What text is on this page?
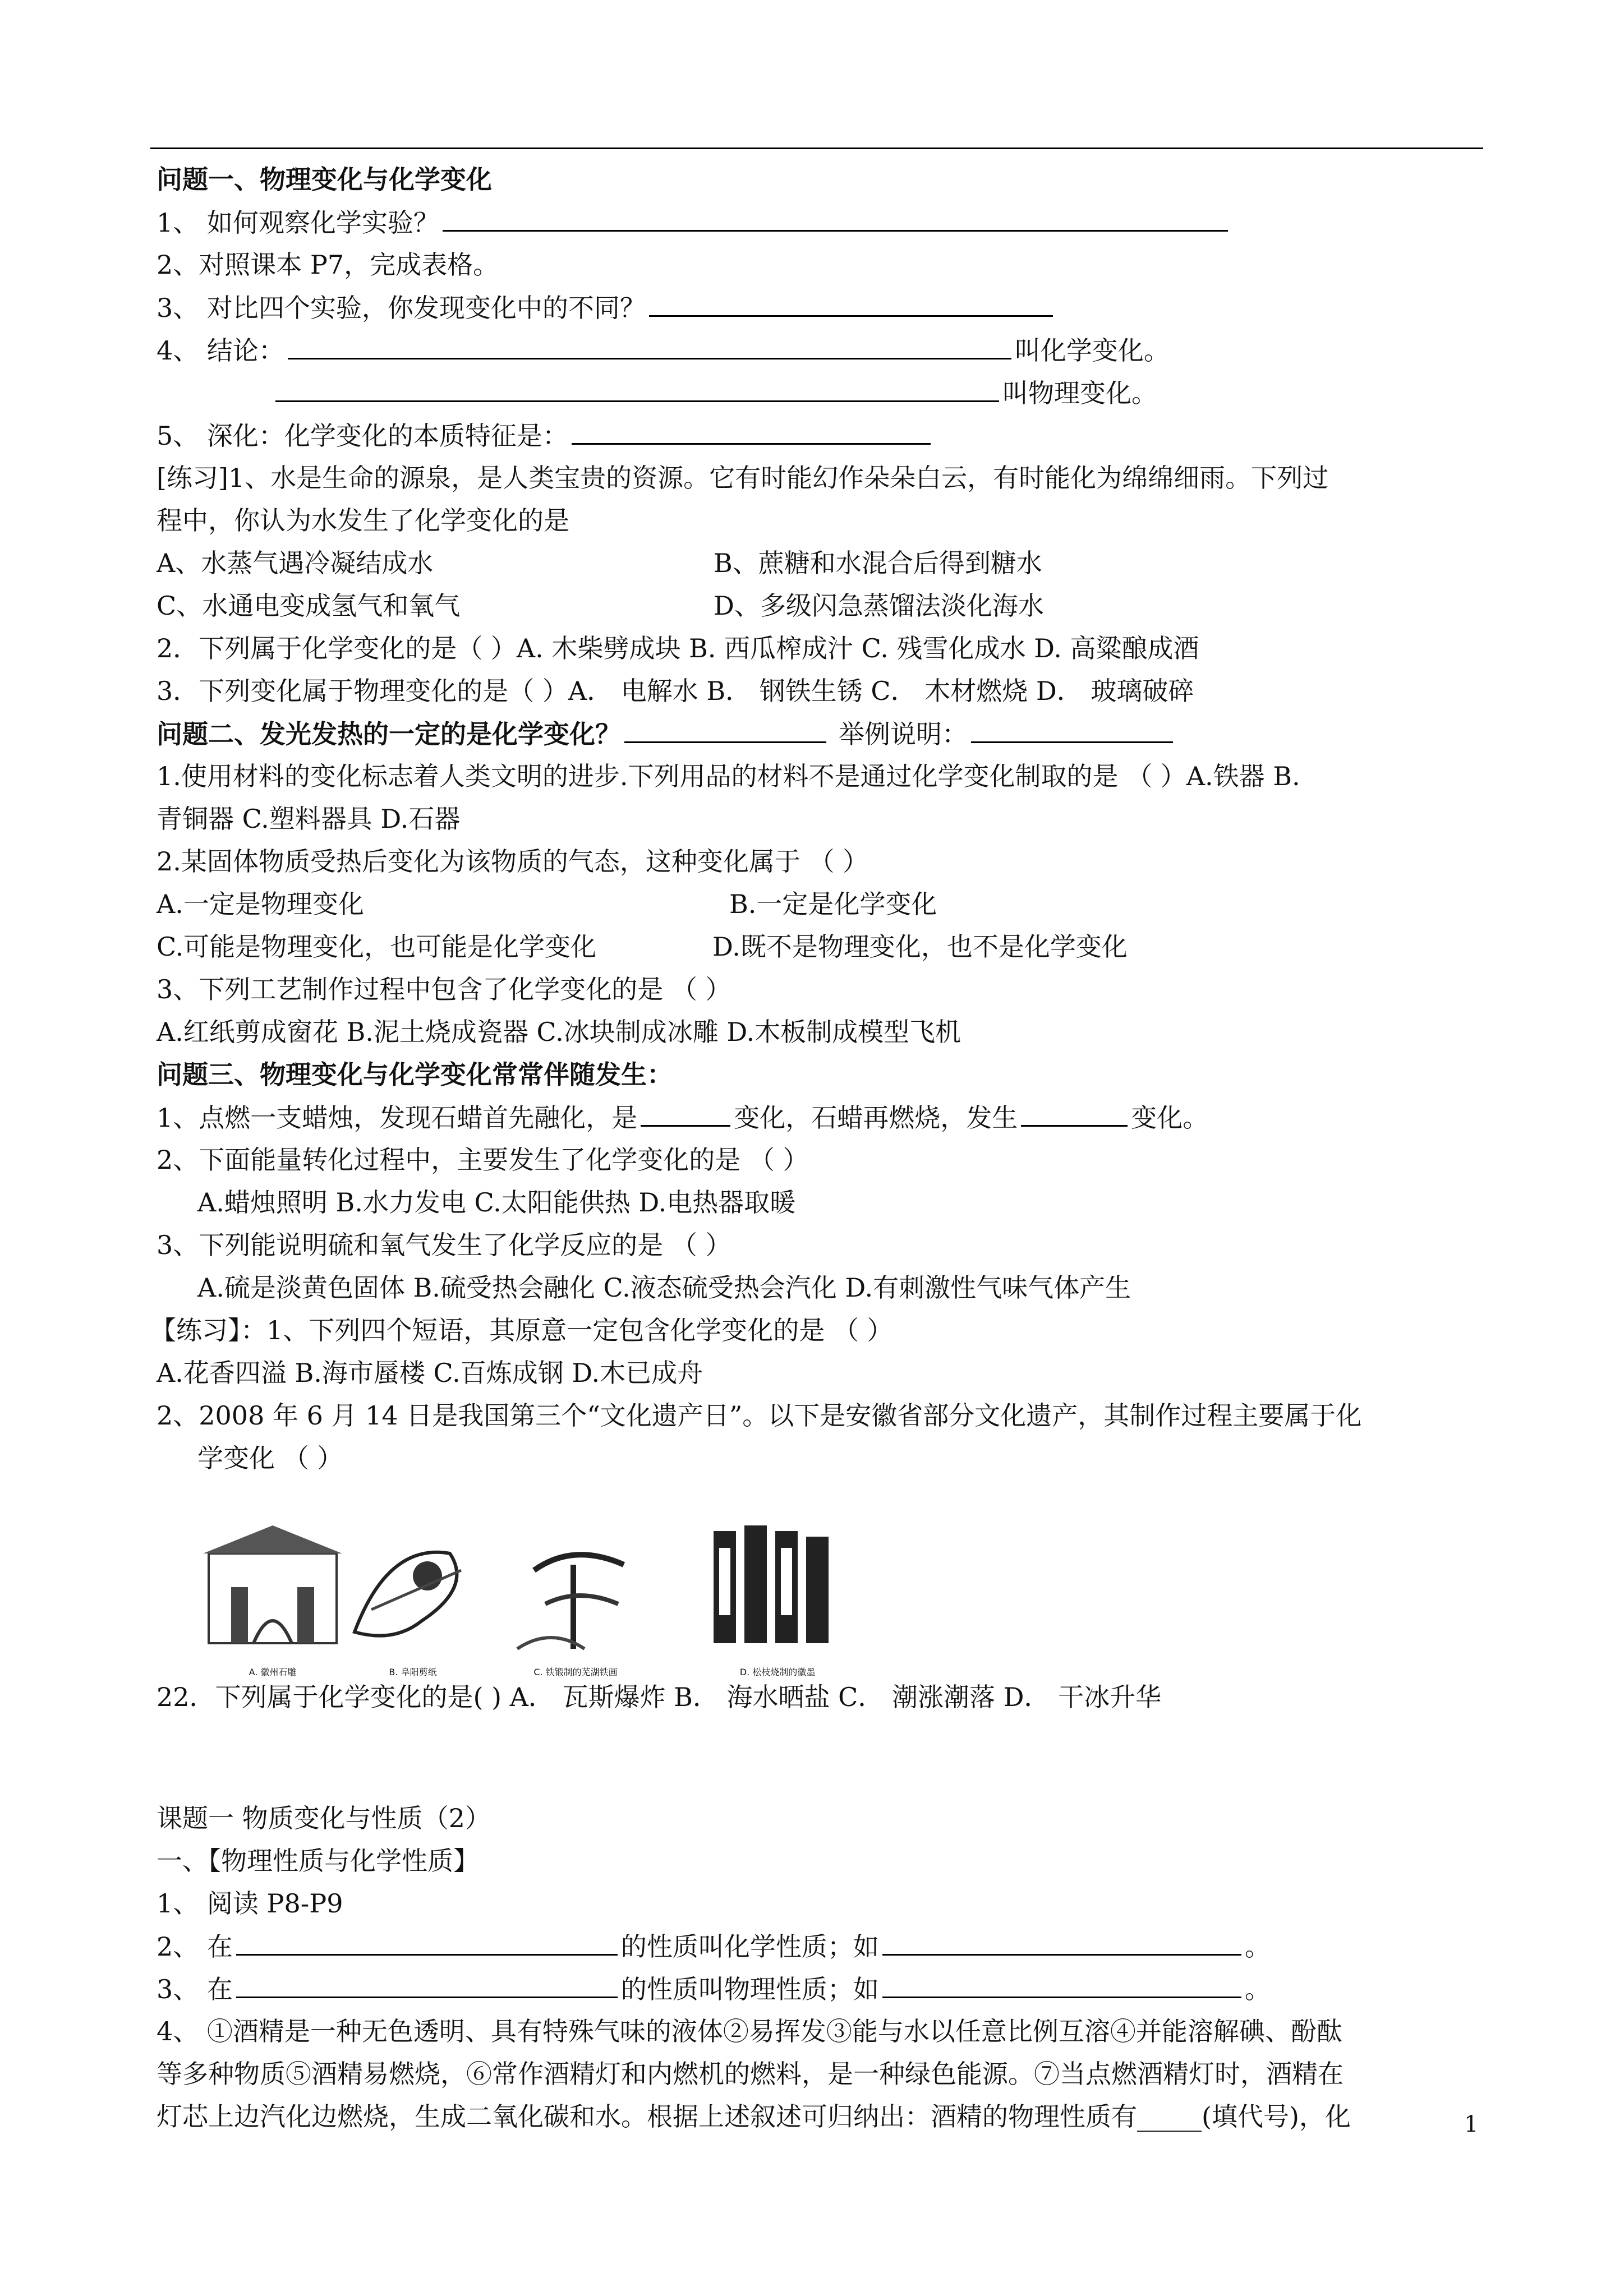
问题一、物理变化与化学变化
1、 如何观察化学实验？
2、对照课本 P7，完成表格。
3、 对比四个实验，你发现变化中的不同？
4、 结论：	叫化学变化。
叫物理变化。
5、 深化：化学变化的本质特征是：
[练习]1、水是生命的源泉，是人类宝贵的资源。它有时能幻作朵朵白云，有时能化为绵绵细雨。下列过
程中，你认为水发生了化学变化的是
A、水蒸气遇冷凝结成水	B、蔗糖和水混合后得到糖水
C、水通电变成氢气和氧气	D、多级闪急蒸馏法淡化海水
2．下列属于化学变化的是（ ）A. 木柴劈成块 B. 西瓜榨成汁 C. 残雪化成水 D. 高粱酿成酒
3．下列变化属于物理变化的是（ ）A． 电解水 B． 钢铁生锈 C． 木材燃烧 D． 玻璃破碎
问题二、发光发热的一定的是化学变化？	举例说明：
1.使用材料的变化标志着人类文明的进步.下列用品的材料不是通过化学变化制取的是 （ ）A.铁器 B.
青铜器 C.塑料器具 D.石器
2.某固体物质受热后变化为该物质的气态，这种变化属于 （ ）
A.一定是物理变化	B.一定是化学变化
C.可能是物理变化，也可能是化学变化	D.既不是物理变化，也不是化学变化
3、下列工艺制作过程中包含了化学变化的是 （ ）
A.红纸剪成窗花 B.泥土烧成瓷器 C.冰块制成冰雕 D.木板制成模型飞机
问题三、物理变化与化学变化常常伴随发生：
1、点燃一支蜡烛，发现石蜡首先融化，是	变化，石蜡再燃烧，发生	变化。
2、下面能量转化过程中，主要发生了化学变化的是 （ ）
A.蜡烛照明 B.水力发电 C.太阳能供热 D.电热器取暖
3、下列能说明硫和氧气发生了化学反应的是 （ ）
A.硫是淡黄色固体 B.硫受热会融化 C.液态硫受热会汽化 D.有刺激性气味气体产生
【练习】：1、下列四个短语，其原意一定包含化学变化的是 （ ）
A.花香四溢 B.海市蜃楼 C.百炼成钢 D.木已成舟
2、2008 年 6 月 14 日是我国第三个“文化遗产日”。以下是安徽省部分文化遗产，其制作过程主要属于化
学变化 （ ）
A. 徽州石雕	B. 阜阳剪纸	C. 铁锻制的芜湖铁画	D. 松枝烧制的徽墨
22．下列属于化学变化的是( ) A． 瓦斯爆炸 B． 海水晒盐 C． 潮涨潮落 D． 干冰升华
课题一 物质变化与性质（2）
一、【物理性质与化学性质】
1、 阅读 P8-P9
2、 在	的性质叫化学性质；如	。
3、 在	的性质叫物理性质；如	。
4、 ①酒精是一种无色透明、具有特殊气味的液体②易挥发③能与水以任意比例互溶④并能溶解碘、酚酞
等多种物质⑤酒精易燃烧，⑥常作酒精灯和内燃机的燃料，是一种绿色能源。⑦当点燃酒精灯时，酒精在
灯芯上边汽化边燃烧，生成二氧化碳和水。根据上述叙述可归纳出：酒精的物理性质有_____(填代号)，化	1
